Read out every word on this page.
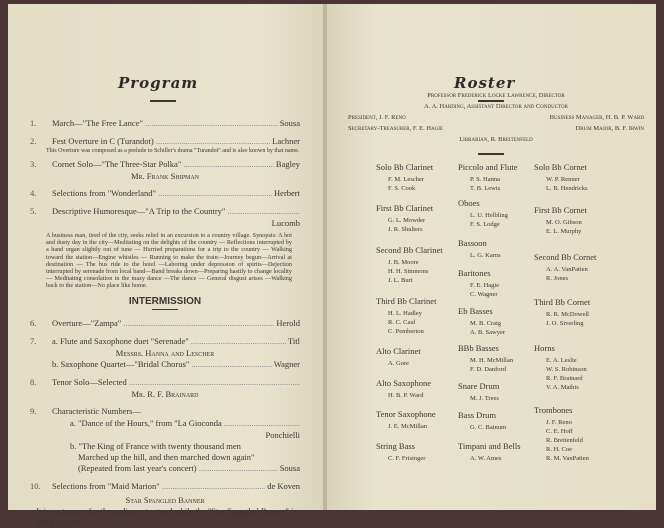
Program
1.	March—"The Free Lance" .....	Sousa
2.	Fest Overture in C (Turandot) .....	Lachner
This Overture was composed as a prelude to Schiller's drama "Turandot" and is also known by that name.
3.	Cornet Solo—"The Three-Star Polka" .....	Bagley
Mr. Frank Shipman
4.	Selections from "Wonderland" .....	Herbert
5.	Descriptive Humoresque—"A Trip to the Country" .....
Lucomb
A business man, tired of the city, seeks relief in an excursion to a country village. Synopsis: A hot and dusty day in the city—Meditating on the delights of the country — Reflections interrupted by a hand organ slightly out of tune — Hurried preparations for a trip to the country — Walking toward the station—Engine whistles — Running to make the train—Journey begun—Arrival at destination — The bus ride to the hotel —Laboring under depression of spirits—Dejection interrupted by serenade from local band—Band breaks down—Preparing hastily to change locality — Meditating consolation in the mazy dance —The dance — General disgust arises —Walking back to the station—No place like home.
INTERMISSION
6.	Overture—"Zampa" .....	Herold
7.	a. Flute and Saxophone duet "Serenade" .....	Titl
Messrs. Hanna and Lescher
b. Saxophone Quartet—"Bridal Chorus" .....	Wagner
8.	Tenor Solo—Selected .....
Mr. R. F. Brainard
9.	Characteristic Numbers—
a. "Dance of the Hours," from "La Gioconda .....
Ponchielli
b. "The King of France with twenty thousand men
Marched up the hill, and then marched down again"
(Repeated from last year's concert) .....	Sousa
10.	Selections from "Maid Marion" .....	de Koven
Star Spangled Banner
It is customary for the audience to stand while the "Star Spangled Banner" is being played
Roster
Professor Frederick Locke Lawrence, Director
A. A. Harding, Assistant Director and Conductor
President, J. F. Reno	Business Manager, H. B. P. Ward
Secretary-Treasurer, F. E. Hagie	Drum Major, B. F. Irwin
Librarian, R. Breitenfeld
Solo Bb Clarinet
F. M. Lescher
F. S. Cook
First Bb Clarinet
G. L. Mowder
J. R. Shulters
Second Bb Clarinet
J. B. Moore
H. H. Simmons
J. L. Burt
Third Bb Clarinet
H. L. Hadley
R. C. Caul
C. Pemberton
Alto Clarinet
A. Gore
Alto Saxophone
H. B. P. Ward
Tenor Saxophone
J. E. McMillan
String Bass
C. F. Frisinger
Piccolo and Flute
P. S. Hanna
T. B. Lewis
Oboes
L. U. Helbling
F. S. Lodge
Bassoon
L. G. Karns
Baritones
F. E. Hagie
C. Wagner
Eb Basses
M. B. Craig
A. B. Sawyer
BBb Basses
M. H. McMillan
F. D. Danford
Snare Drum
M. J. Trees
Bass Drum
G. C. Bainum
Timpani and Bells
A. W. Ames
Solo Bb Cornet
W. P. Renner
L. B. Hendricks
First Bb Cornet
M. O. Gibson
E. L. Murphy
Second Bb Cornet
A. A. VanPatten
R. Jones
Third Bb Cornet
R. R. McDowell
J. O. Siverling
Horns
E. A. Leslie
W. S. Robinson
R. F. Brainard
V. A. Mathis
Trombones
J. F. Reno
C. E. Hoff
R. Breitenfeld
R. H. Coe
R. M. VanPatten
